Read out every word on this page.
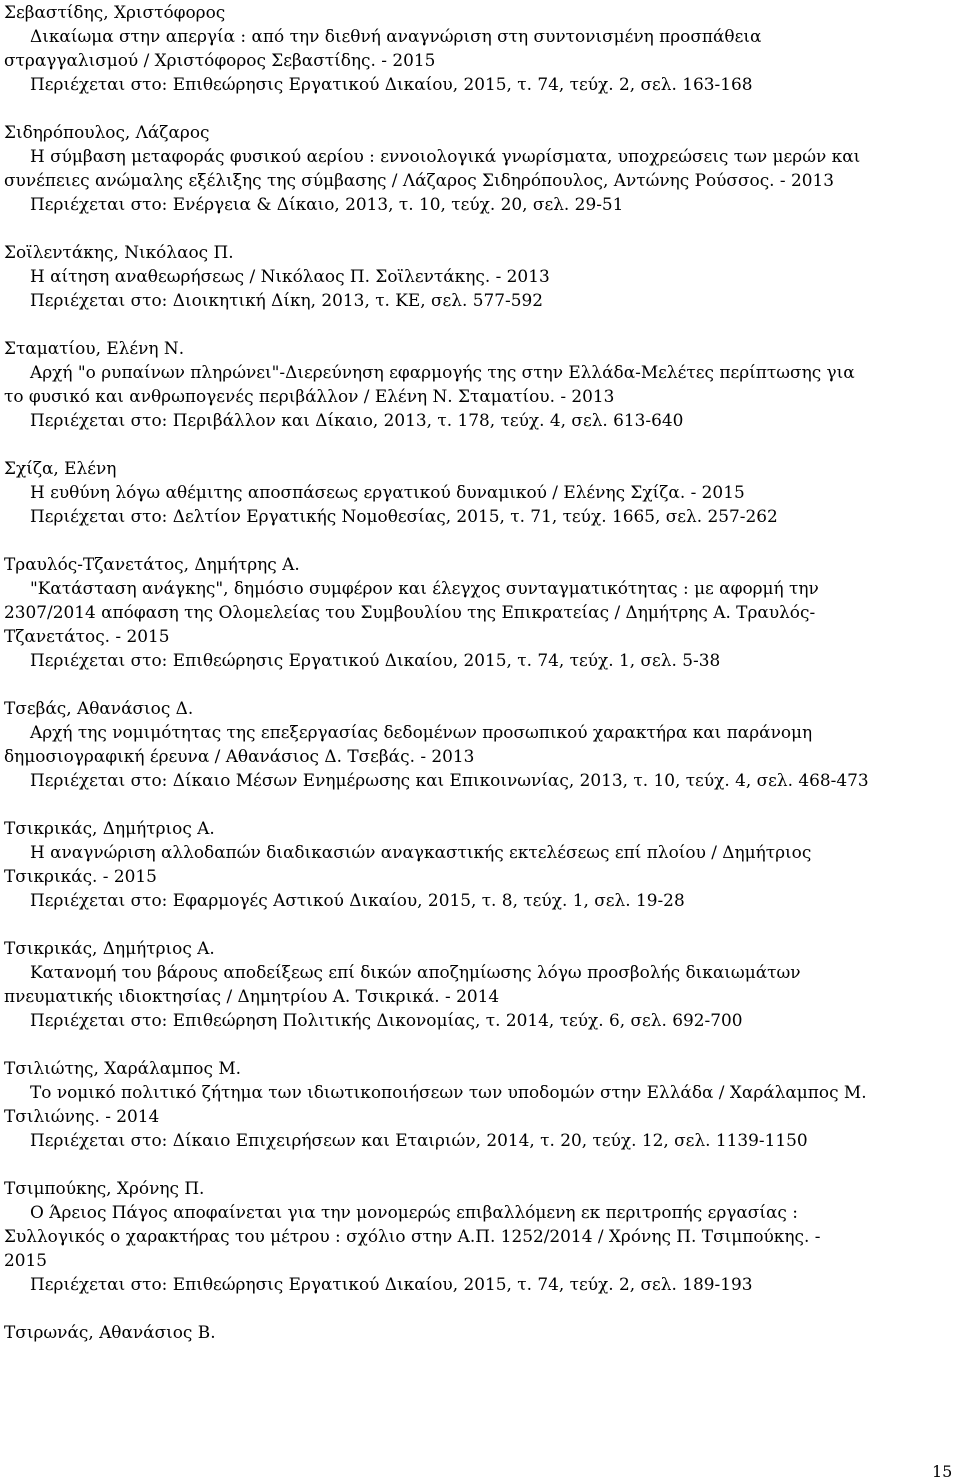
Σεβαστίδης, Χριστόφορος
Δικαίωμα στην απεργία : από την διεθνή αναγνώριση στη συντονισμένη προσπάθεια
στραγγαλισμού / Χριστόφορος Σεβαστίδης. - 2015
Περιέχεται στο: Επιθεώρησις Εργατικού Δικαίου, 2015, τ. 74, τεύχ. 2, σελ. 163-168
Σιδηρόπουλος, Λάζαρος
Η σύμβαση μεταφοράς φυσικού αερίου : εννοιολογικά γνωρίσματα, υποχρεώσεις των μερών και
συνέπειες ανώμαλης εξέλιξης της σύμβασης / Λάζαρος Σιδηρόπουλος, Αντώνης Ρούσσος. - 2013
Περιέχεται στο: Ενέργεια & Δίκαιο, 2013, τ. 10, τεύχ. 20, σελ. 29-51
Σοϊλεντάκης, Νικόλαος Π.
Η αίτηση αναθεωρήσεως / Νικόλαος Π. Σοϊλεντάκης. - 2013
Περιέχεται στο: Διοικητική Δίκη, 2013, τ. ΚΕ, σελ. 577-592
Σταματίου, Ελένη Ν.
Αρχή "ο ρυπαίνων πληρώνει"-Διερεύνηση εφαρμογής της στην Ελλάδα-Μελέτες περίπτωσης για
το φυσικό και ανθρωπογενές περιβάλλον / Ελένη Ν. Σταματίου. - 2013
Περιέχεται στο: Περιβάλλον και Δίκαιο, 2013, τ. 178, τεύχ. 4, σελ. 613-640
Σχίζα, Ελένη
Η ευθύνη λόγω αθέμιτης αποσπάσεως εργατικού δυναμικού / Ελένης Σχίζα. - 2015
Περιέχεται στο: Δελτίον Εργατικής Νομοθεσίας, 2015, τ. 71, τεύχ. 1665, σελ. 257-262
Τραυλός-Τζανετάτος, Δημήτρης Α.
"Κατάσταση ανάγκης", δημόσιο συμφέρον και έλεγχος συνταγματικότητας : με αφορμή την
2307/2014 απόφαση της Ολομελείας του Συμβουλίου της Επικρατείας / Δημήτρης Α. Τραυλός-
Τζανετάτος. - 2015
Περιέχεται στο: Επιθεώρησις Εργατικού Δικαίου, 2015, τ. 74, τεύχ. 1, σελ. 5-38
Τσεβάς, Αθανάσιος Δ.
Αρχή της νομιμότητας της επεξεργασίας δεδομένων προσωπικού χαρακτήρα και παράνομη
δημοσιογραφική έρευνα / Αθανάσιος Δ. Τσεβάς. - 2013
Περιέχεται στο: Δίκαιο Μέσων Ενημέρωσης και Επικοινωνίας, 2013, τ. 10, τεύχ. 4, σελ. 468-473
Τσικρικάς, Δημήτριος Α.
Η αναγνώριση αλλοδαπών διαδικασιών αναγκαστικής εκτελέσεως επί πλοίου / Δημήτριος
Τσικρικάς. - 2015
Περιέχεται στο: Εφαρμογές Αστικού Δικαίου, 2015, τ. 8, τεύχ. 1, σελ. 19-28
Τσικρικάς, Δημήτριος Α.
Κατανομή του βάρους αποδείξεως επί δικών αποζημίωσης λόγω προσβολής δικαιωμάτων
πνευματικής ιδιοκτησίας / Δημητρίου Α. Τσικρικά. - 2014
Περιέχεται στο: Επιθεώρηση Πολιτικής Δικονομίας, τ. 2014, τεύχ. 6, σελ. 692-700
Τσιλιώτης, Χαράλαμπος Μ.
Το νομικό πολιτικό ζήτημα των ιδιωτικοποιήσεων των υποδομών στην Ελλάδα / Χαράλαμπος Μ.
Τσιλιώνης. - 2014
Περιέχεται στο: Δίκαιο Επιχειρήσεων και Εταιριών, 2014, τ. 20, τεύχ. 12, σελ. 1139-1150
Τσιμπούκης, Χρόνης Π.
Ο Άρειος Πάγος αποφαίνεται για την μονομερώς επιβαλλόμενη εκ περιτροπής εργασίας :
Συλλογικός ο χαρακτήρας του μέτρου : σχόλιο στην Α.Π. 1252/2014 / Χρόνης Π. Τσιμπούκης. -
2015
Περιέχεται στο: Επιθεώρησις Εργατικού Δικαίου, 2015, τ. 74, τεύχ. 2, σελ. 189-193
Τσιρωνάς, Αθανάσιος Β.
15
